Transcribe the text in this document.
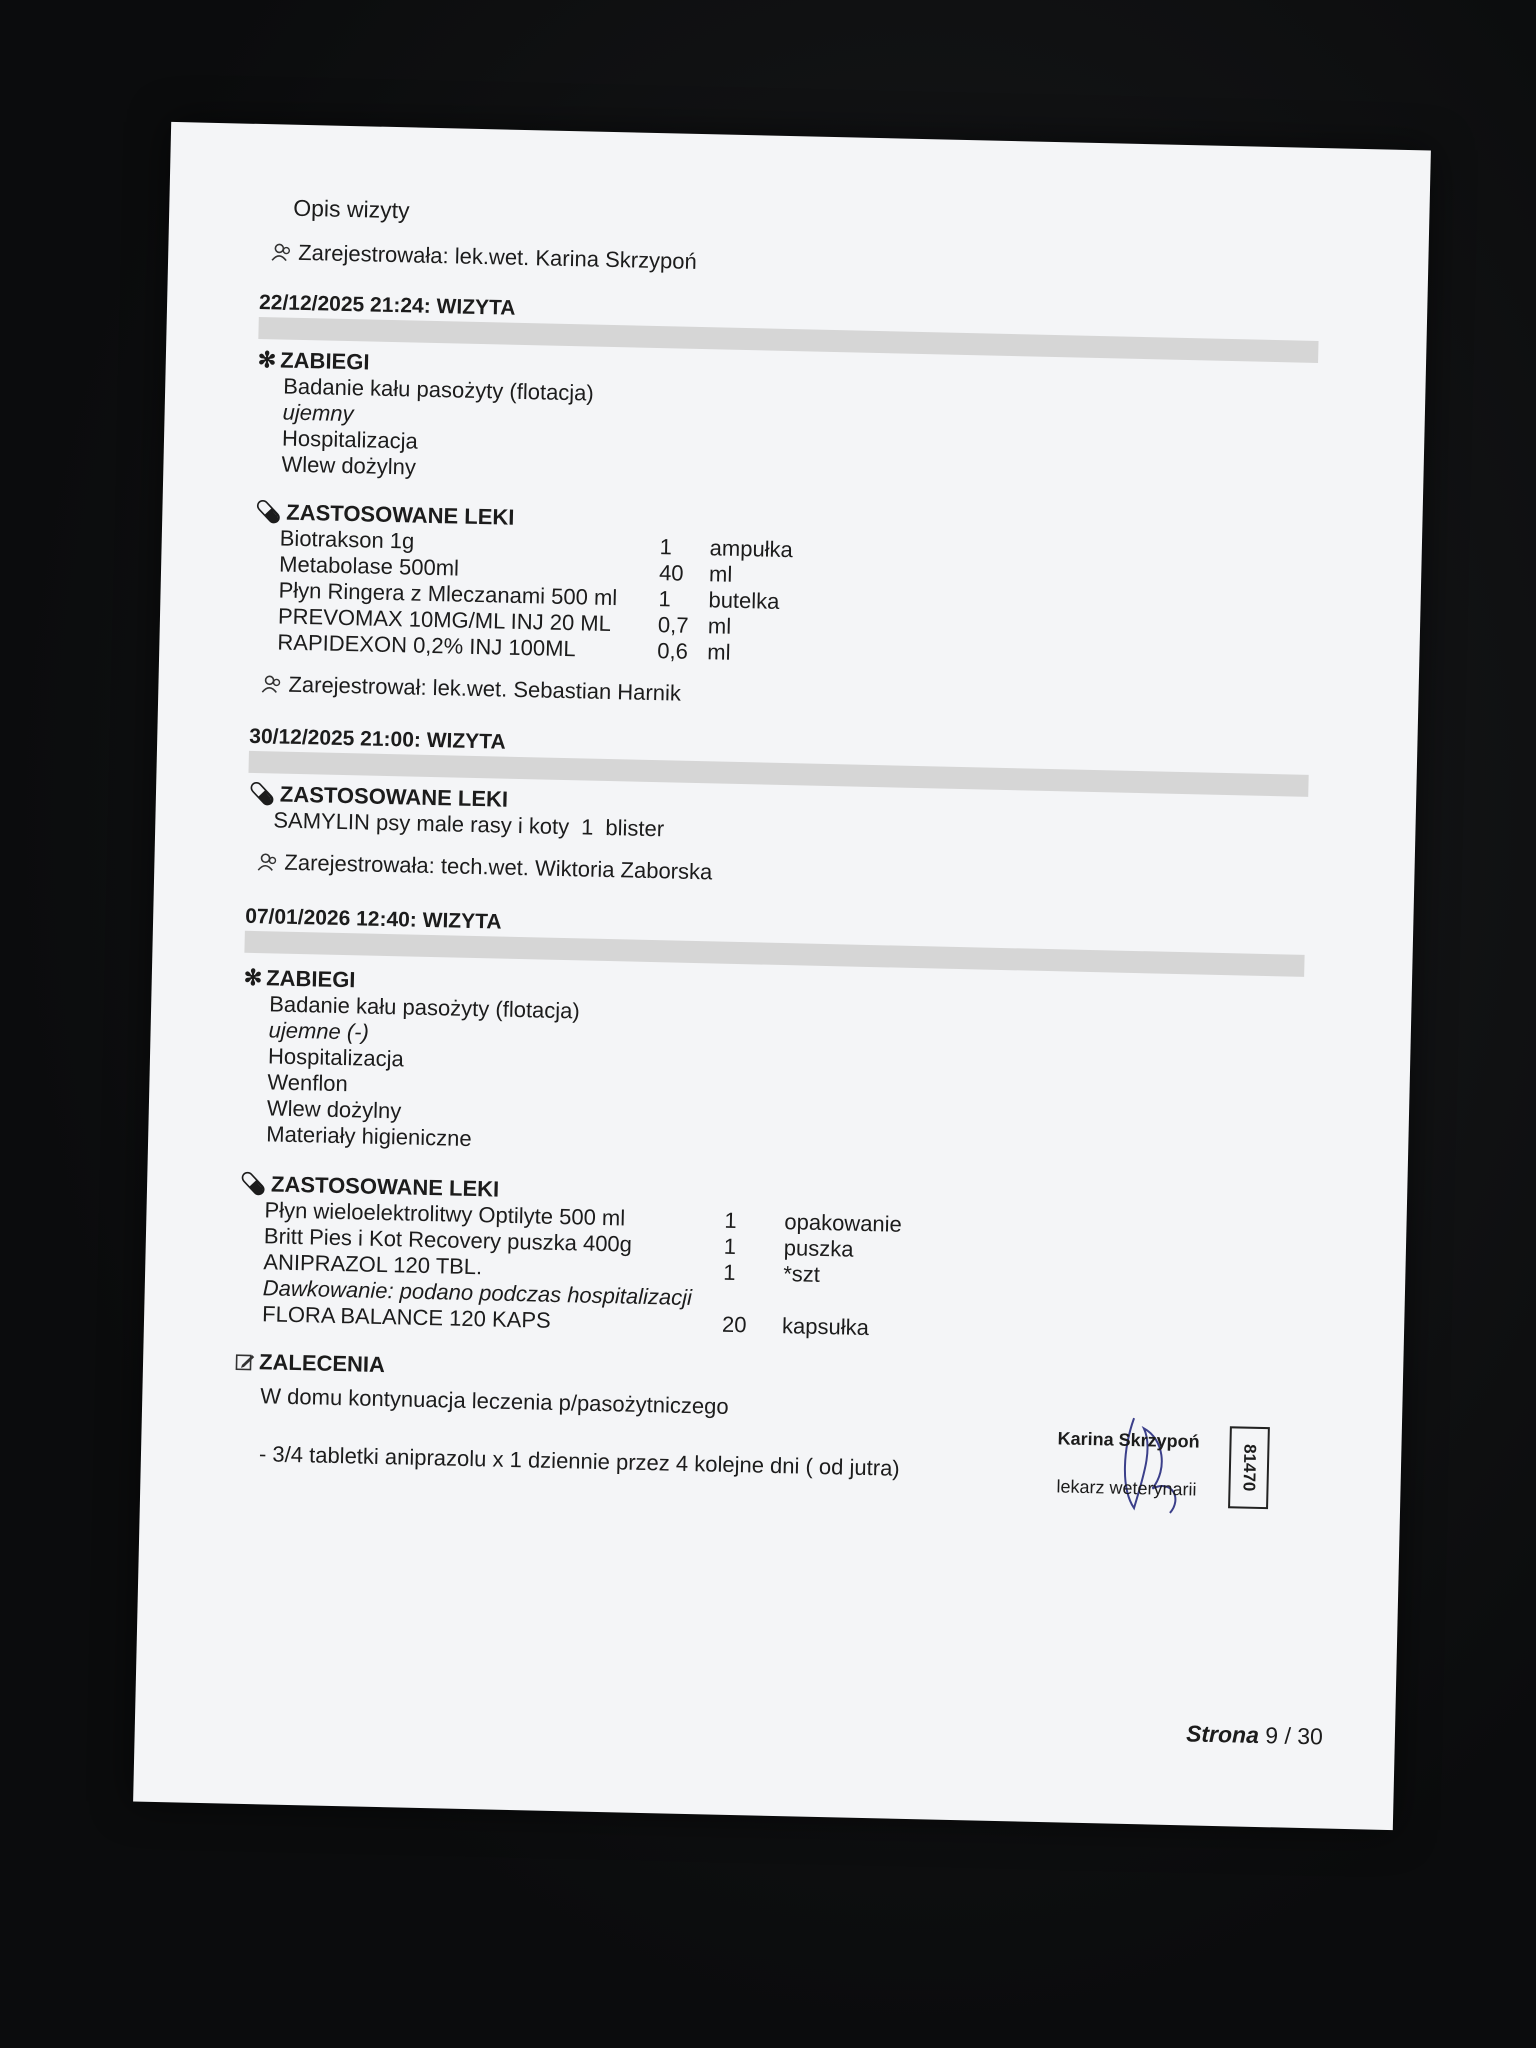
Opis wizyty
Zarejestrowała: lek.wet. Karina Skrzypoń
22/12/2025 21:24: WIZYTA
✻ ZABIEGI
Badanie kału pasożyty (flotacja)
ujemny
Hospitalizacja
Wlew dożylny
💊︎ ZASTOSOWANE LEKI
Biotrakson 1g	1	ampułka
Metabolase 500ml	40	ml
Płyn Ringera z Mleczanami 500 ml	1	butelka
PREVOMAX 10MG/ML INJ 20 ML	0,7 ml
RAPIDEXON 0,2% INJ 100ML	0,6 ml
Zarejestrował: lek.wet. Sebastian Harnik
30/12/2025 21:00: WIZYTA
💊︎ ZASTOSOWANE LEKI
SAMYLIN psy male rasy i koty 1 blister
Zarejestrowała: tech.wet. Wiktoria Zaborska
07/01/2026 12:40: WIZYTA
✻ ZABIEGI
Badanie kału pasożyty (flotacja)
ujemne (-)
Hospitalizacja
Wenflon
Wlew dożylny
Materiały higieniczne
💊︎ ZASTOSOWANE LEKI
Płyn wieloelektrolitwy Optilyte 500 ml	1	opakowanie
Britt Pies i Kot Recovery puszka 400g	1	puszka
ANIPRAZOL 120 TBL.	1	*szt
Dawkowanie: podano podczas hospitalizacji
FLORA BALANCE 120 KAPS	20	kapsułka
ZALECENIA

W domu kontynuacja leczenia p/pasożytniczego

- 3/4 tabletki aniprazolu x 1 dziennie przez 4 kolejne dni ( od jutra)

Karina Skrzypoń
lekarz weterynarii	81470
Strona 9 / 30
